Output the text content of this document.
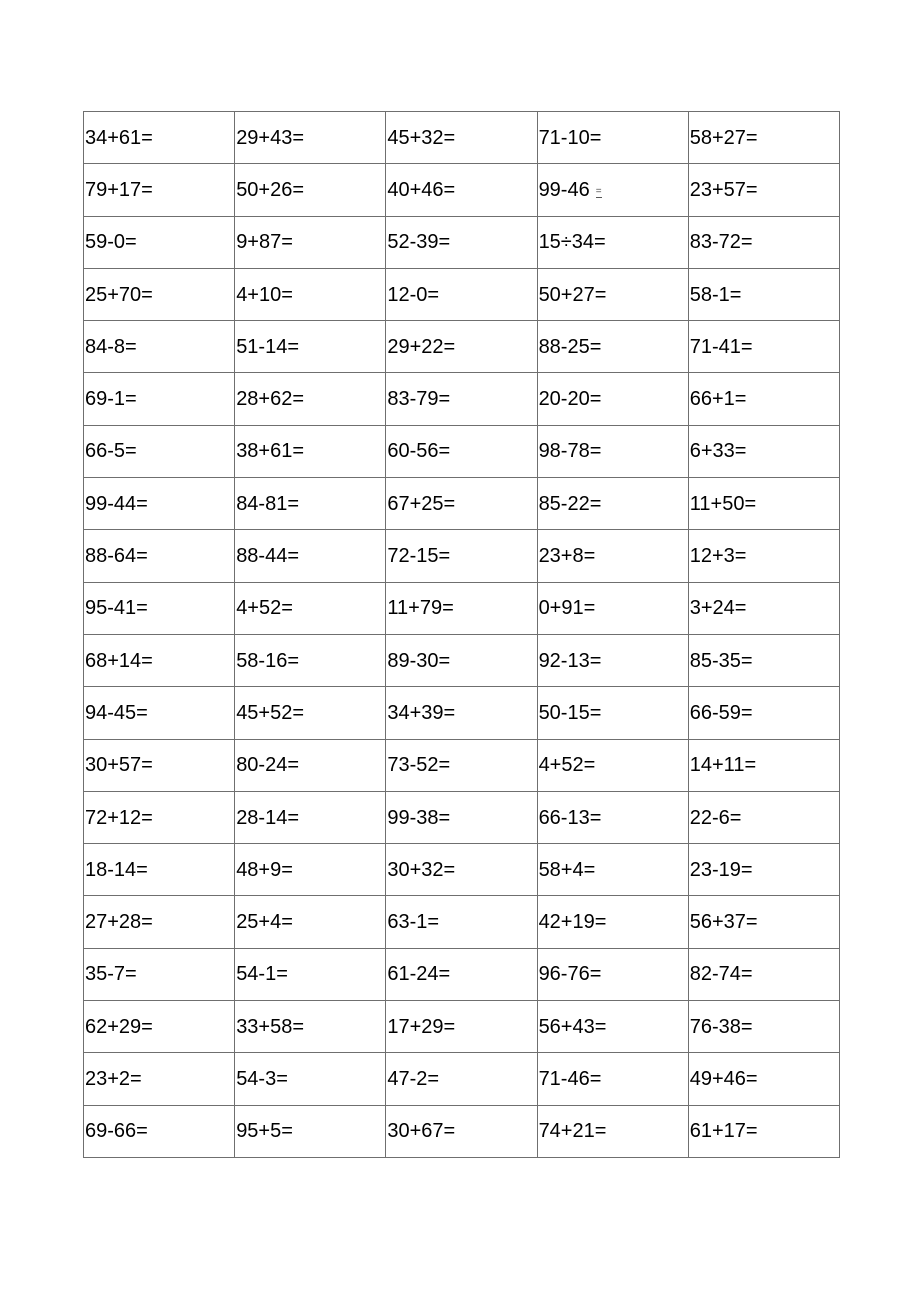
34+61=	29+43=	45+32=	71-10=	58+27=
79+17=	50+26=	40+46=	99-46 =	23+57=
59-0=	9+87=	52-39=	15÷34=	83-72=
25+70=	4+10=	12-0=	50+27=	58-1=
84-8=	51-14=	29+22=	88-25=	71-41=
69-1=	28+62=	83-79=	20-20=	66+1=
66-5=	38+61=	60-56=	98-78=	6+33=
99-44=	84-81=	67+25=	85-22=	11+50=
88-64=	88-44=	72-15=	23+8=	12+3=
95-41=	4+52=	11+79=	0+91=	3+24=
68+14=	58-16=	89-30=	92-13=	85-35=
94-45=	45+52=	34+39=	50-15=	66-59=
30+57=	80-24=	73-52=	4+52=	14+11=
72+12=	28-14=	99-38=	66-13=	22-6=
18-14=	48+9=	30+32=	58+4=	23-19=
27+28=	25+4=	63-1=	42+19=	56+37=
35-7=	54-1=	61-24=	96-76=	82-74=
62+29=	33+58=	17+29=	56+43=	76-38=
23+2=	54-3=	47-2=	71-46=	49+46=
69-66=	95+5=	30+67=	74+21=	61+17=
